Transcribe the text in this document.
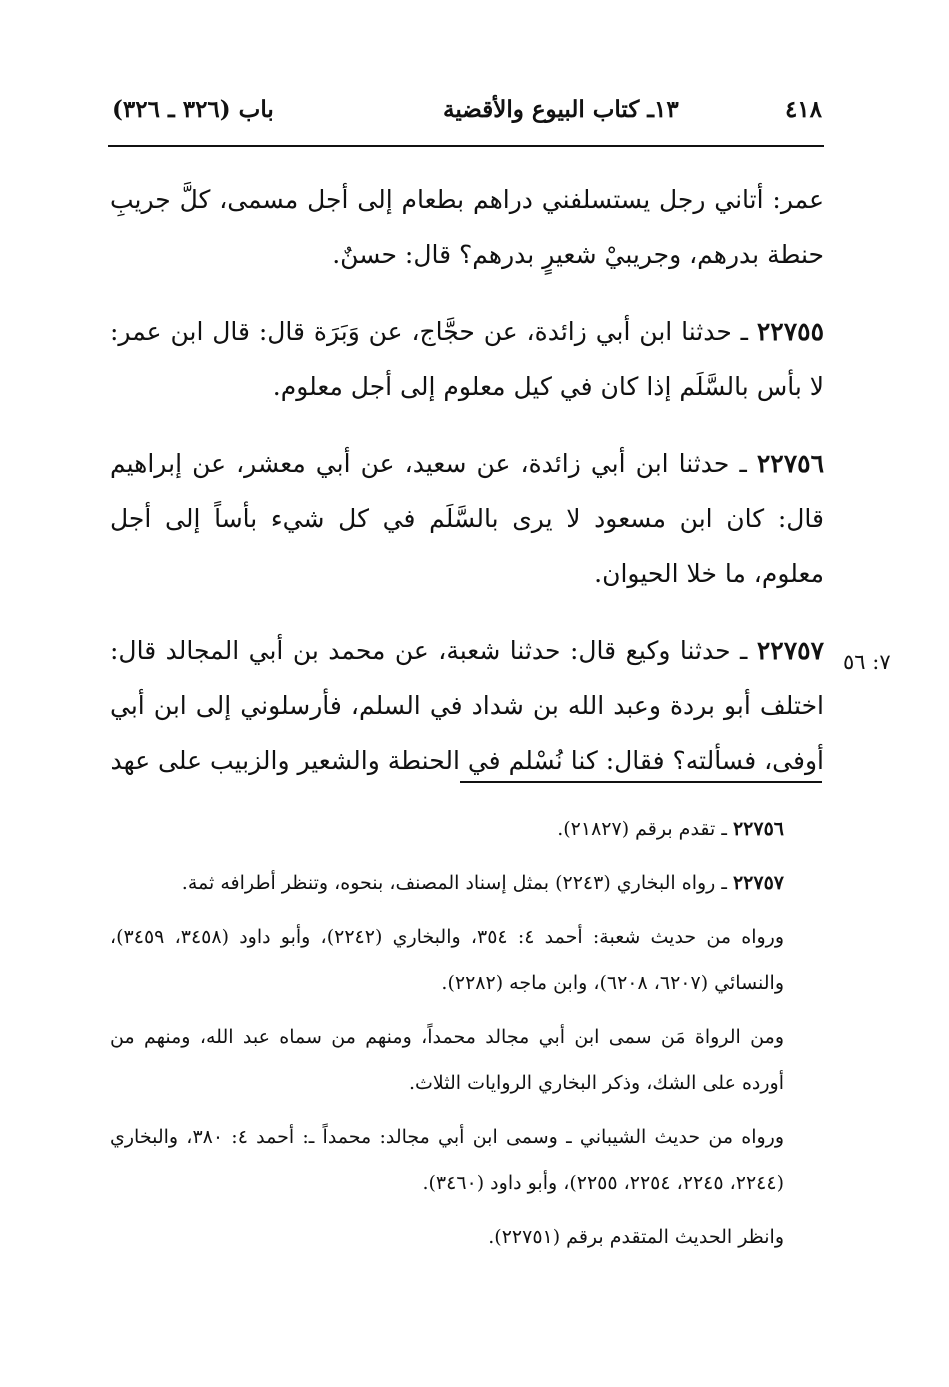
٤١٨
١٣ـ كتاب البيوع والأقضية
باب (٣٢٦ ـ ٣٢٦)

عمر: أتاني رجل يستسلفني دراهم بطعام إلى أجل مسمى، كلَّ جريبِ حنطة بدرهم، وجريبيْ شعيرٍ بدرهم؟ قال: حسنٌ.

٢٢٧٥٥ ـ حدثنا ابن أبي زائدة، عن حجَّاج، عن وَبَرَة قال: قال ابن عمر: لا بأس بالسَّلَم إذا كان في كيل معلوم إلى أجل معلوم.

٢٢٧٥٦ ـ حدثنا ابن أبي زائدة، عن سعيد، عن أبي معشر، عن إبراهيم قال: كان ابن مسعود لا يرى بالسَّلَم في كل شيء بأساً إلى أجل معلوم، ما خلا الحيوان.

٢٢٧٥٧ ـ حدثنا وكيع قال: حدثنا شعبة، عن محمد بن أبي المجالد قال: اختلف أبو بردة وعبد الله بن شداد في السلم، فأرسلوني إلى ابن أبي أوفى، فسألته؟ فقال: كنا نُسْلم في الحنطة والشعير والزبيب على عهد

٧: ٥٦

٢٢٧٥٦ ـ تقدم برقم (٢١٨٢٧).

٢٢٧٥٧ ـ رواه البخاري (٢٢٤٣) بمثل إسناد المصنف، بنحوه، وتنظر أطرافه ثمة.

ورواه من حديث شعبة: أحمد ٤: ٣٥٤، والبخاري (٢٢٤٢)، وأبو داود (٣٤٥٨، ٣٤٥٩)، والنسائي (٦٢٠٧، ٦٢٠٨)، وابن ماجه (٢٢٨٢).

ومن الرواة مَن سمى ابن أبي مجالد محمداً، ومنهم من سماه عبد الله، ومنهم من أورده على الشك، وذكر البخاري الروايات الثلاث.

ورواه من حديث الشيباني ـ وسمى ابن أبي مجالد: محمداً ـ: أحمد ٤: ٣٨٠، والبخاري (٢٢٤٤، ٢٢٤٥، ٢٢٥٤، ٢٢٥٥)، وأبو داود (٣٤٦٠).

وانظر الحديث المتقدم برقم (٢٢٧٥١).
